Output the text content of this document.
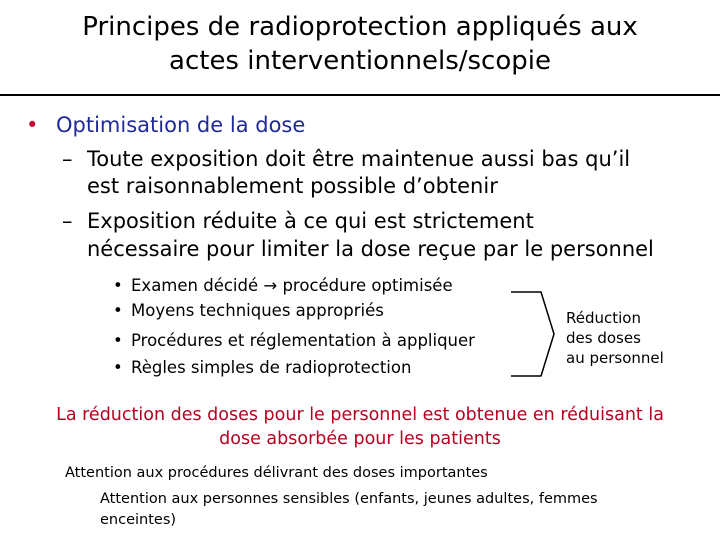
Principes de radioprotection appliqués aux
actes interventionnels/scopie
• Optimisation de la dose
– Toute exposition doit être maintenue aussi bas qu’il
est raisonnablement possible d’obtenir
– Exposition réduite à ce qui est strictement
nécessaire pour limiter la dose reçue par le personnel
• Examen décidé → procédure optimisée
• Moyens techniques appropriés
• Procédures et réglementation à appliquer
• Règles simples de radioprotection
Réduction
des doses
au personnel
La réduction des doses pour le personnel est obtenue en réduisant la
dose absorbée pour les patients
Attention aux procédures délivrant des doses importantes
Attention aux personnes sensibles (enfants, jeunes adultes, femmes
enceintes)
